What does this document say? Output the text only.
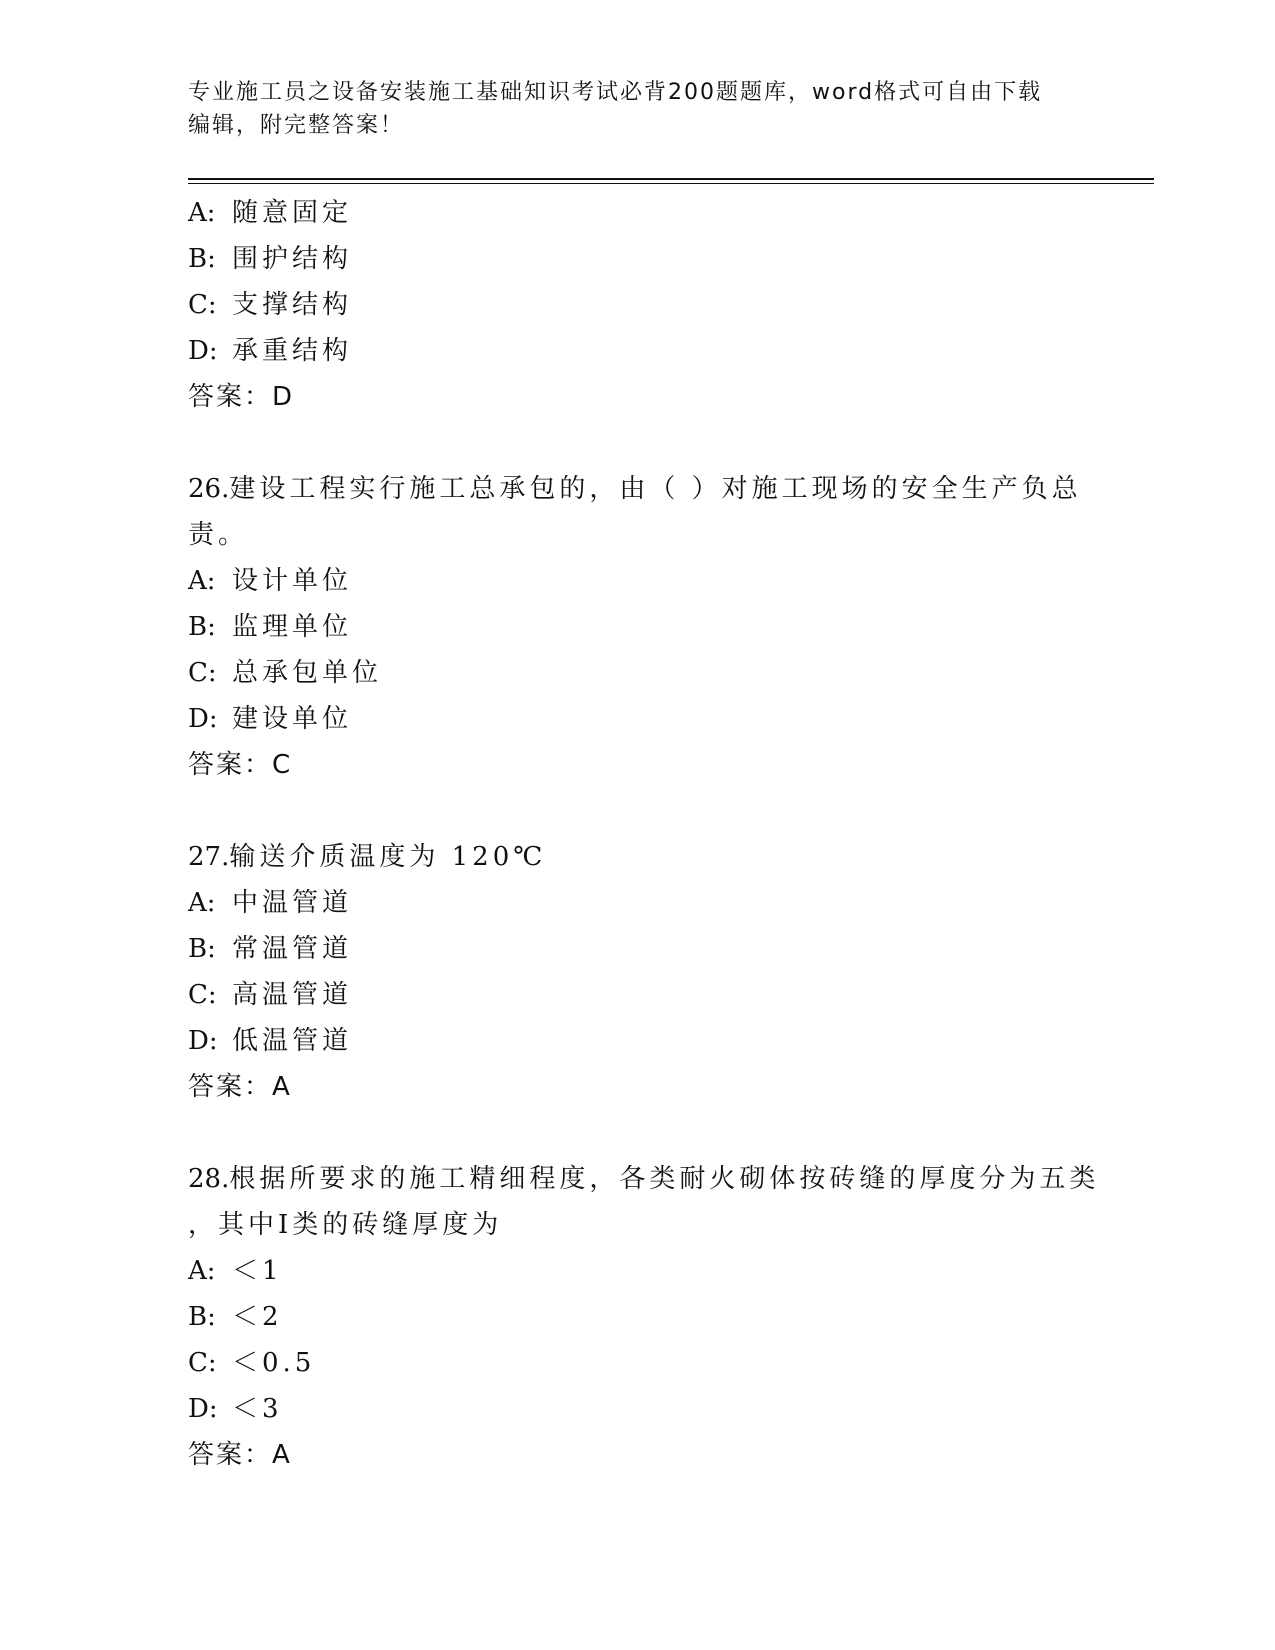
专业施工员之设备安装施工基础知识考试必背200题题库，word格式可自由下载
编辑，附完整答案！
A: 随意固定
B: 围护结构
C: 支撑结构
D: 承重结构
答案：D
26.建设工程实行施工总承包的，由（ ）对施工现场的安全生产负总
责。
A: 设计单位
B: 监理单位
C: 总承包单位
D: 建设单位
答案：C
27.输送介质温度为 120℃
A: 中温管道
B: 常温管道
C: 高温管道
D: 低温管道
答案：A
28.根据所要求的施工精细程度，各类耐火砌体按砖缝的厚度分为五类
，其中Ⅰ类的砖缝厚度为
A: ＜1
B: ＜2
C: ＜0.5
D: ＜3
答案：A
